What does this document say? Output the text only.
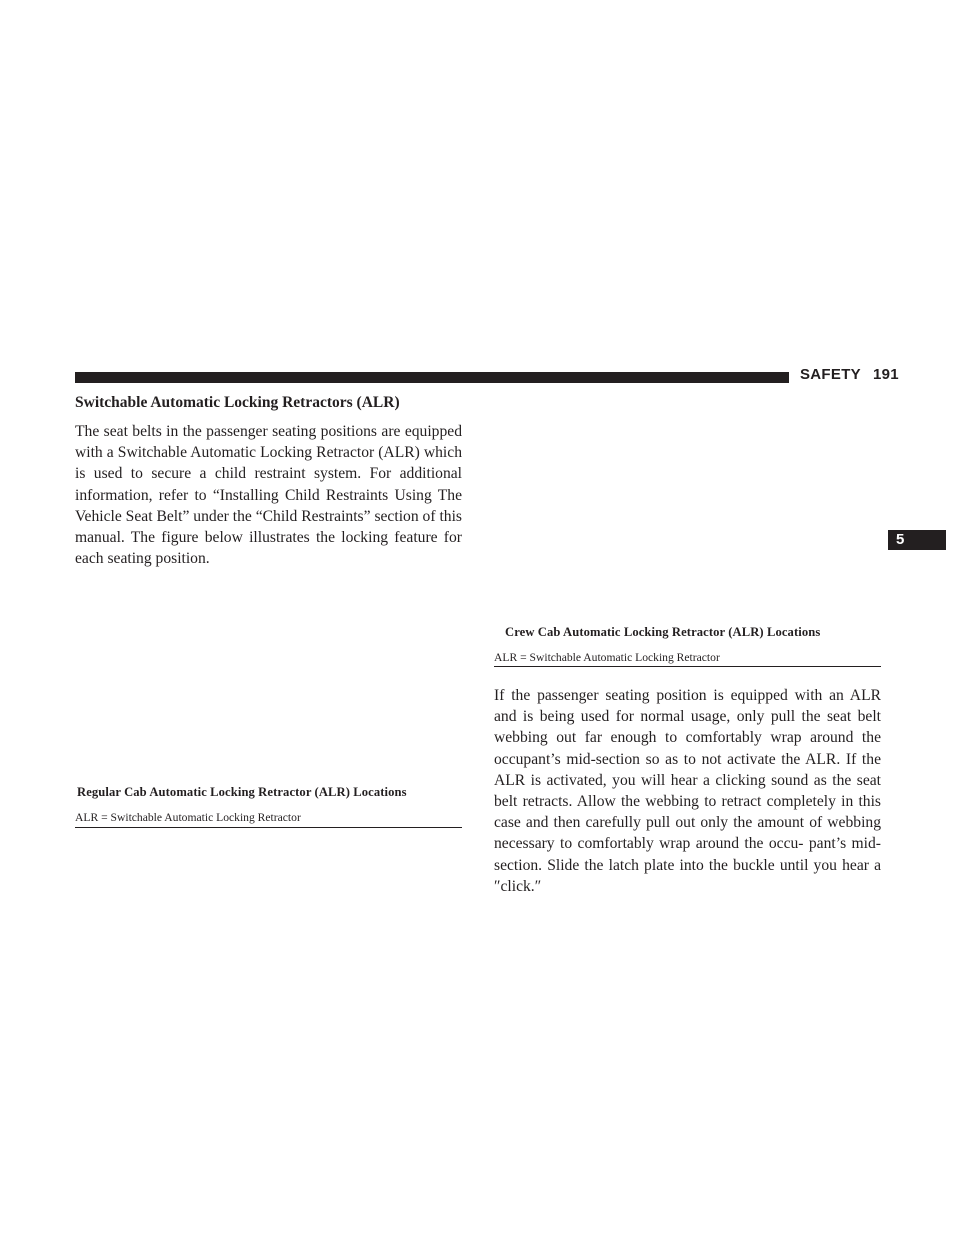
SAFETY 191
5
Switchable Automatic Locking Retractors (ALR)

The seat belts in the passenger seating positions are equipped with a Switchable Automatic Locking Retractor (ALR) which is used to secure a child restraint system. For additional information, refer to “Installing Child Restraints Using The Vehicle Seat Belt” under the “Child Restraints” section of this manual. The figure below illustrates the locking feature for each seating position.

Crew Cab Automatic Locking Retractor (ALR) Locations
ALR = Switchable Automatic Locking Retractor
Regular Cab Automatic Locking Retractor (ALR) Locations
ALR = Switchable Automatic Locking Retractor

If the passenger seating position is equipped with an ALR and is being used for normal usage, only pull the seat belt webbing out far enough to comfortably wrap around the occupant’s mid-section so as to not activate the ALR. If the ALR is activated, you will hear a clicking sound as the seat belt retracts. Allow the webbing to retract completely in this case and then carefully pull out only the amount of webbing necessary to comfortably wrap around the occu- pant’s mid-section. Slide the latch plate into the buckle until you hear a ″click.″
